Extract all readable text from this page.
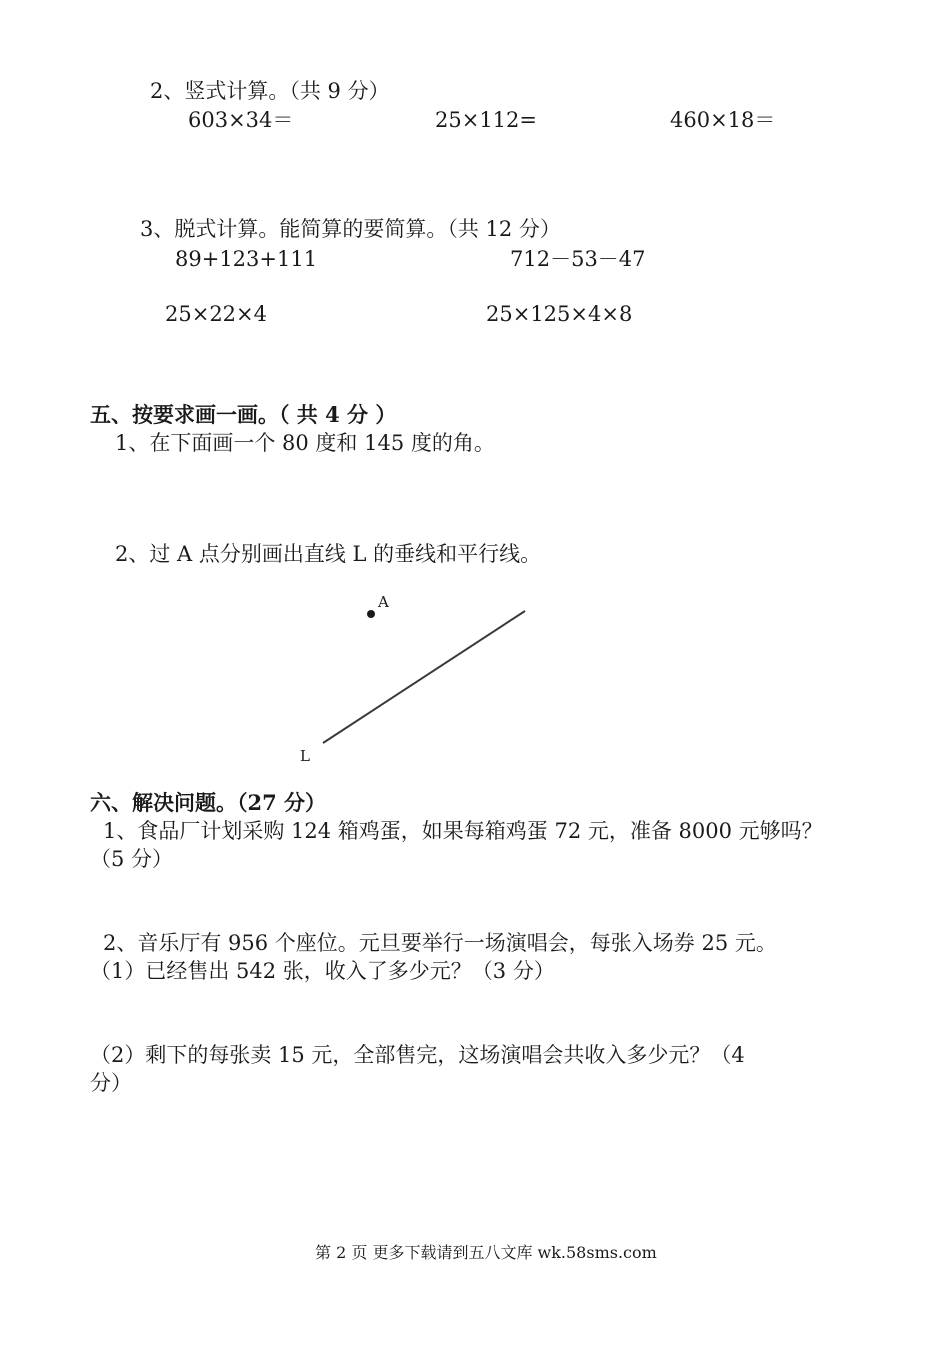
2、竖式计算。（共 9 分）
603×34＝	25×112=	460×18＝
3、脱式计算。能简算的要简算。（共 12 分）
89+123+111	712－53－47
25×22×4	25×125×4×8
五、按要求画一画。（ 共 4 分 ）
1、在下面画一个 80 度和 145 度的角。
2、过 A 点分别画出直线 L 的垂线和平行线。
A
L
六、解决问题。（27 分）
1、食品厂计划采购 124 箱鸡蛋，如果每箱鸡蛋 72 元，准备 8000 元够吗？
（5 分）
2、音乐厅有 956 个座位。元旦要举行一场演唱会，每张入场券 25 元。
（1）已经售出 542 张，收入了多少元？（3 分）
（2）剩下的每张卖 15 元，全部售完，这场演唱会共收入多少元？（4
分）
第 2 页 更多下载请到五八文库 wk.58sms.com
